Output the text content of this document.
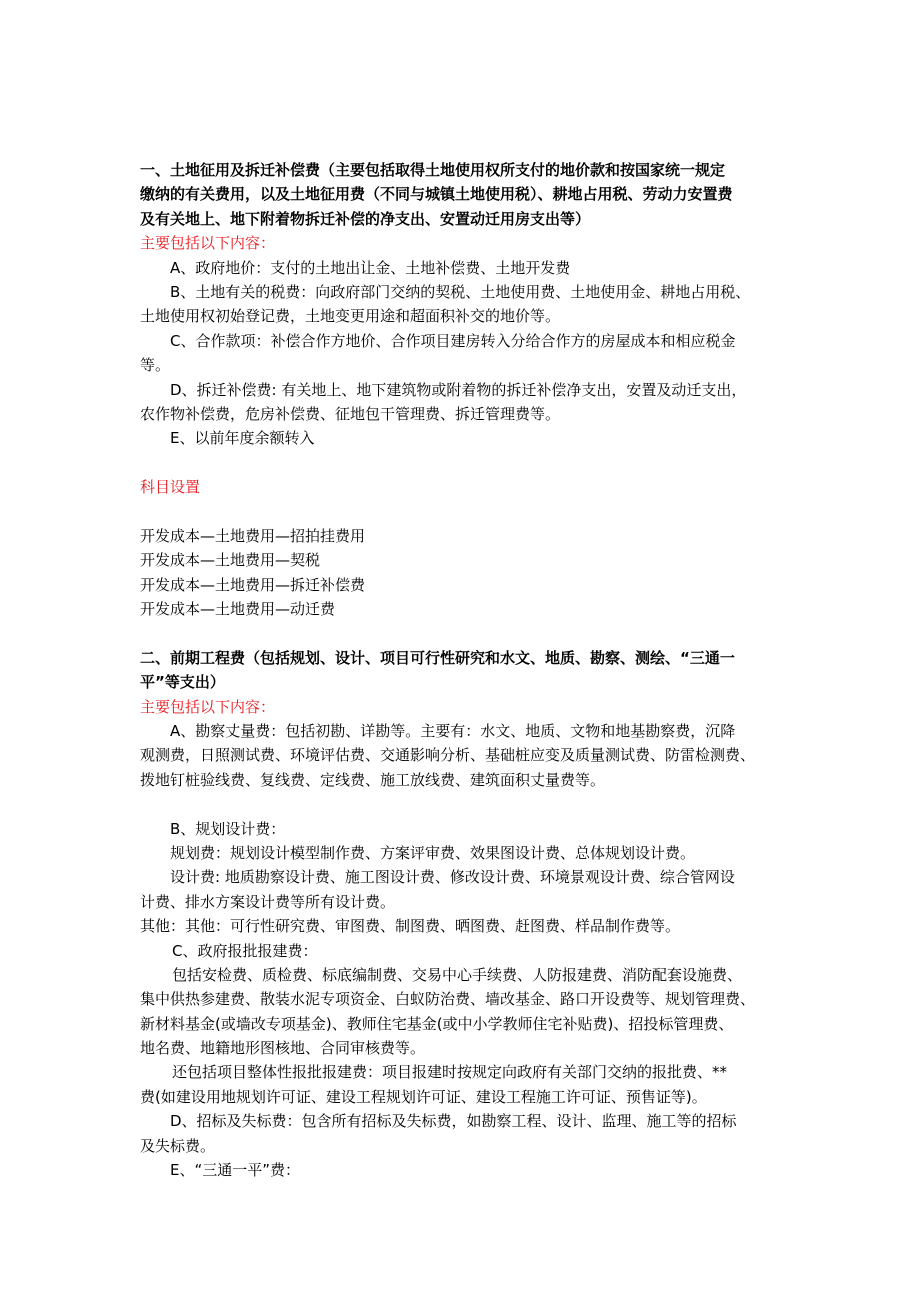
一、土地征用及拆迁补偿费（主要包括取得土地使用权所支付的地价款和按国家统一规定
缴纳的有关费用，以及土地征用费（不同与城镇土地使用税）、耕地占用税、劳动力安置费
及有关地上、地下附着物拆迁补偿的净支出、安置动迁用房支出等）
主要包括以下内容：
A、政府地价：支付的土地出让金、土地补偿费、土地开发费
B、土地有关的税费：向政府部门交纳的契税、土地使用费、土地使用金、耕地占用税、
土地使用权初始登记费，土地变更用途和超面积补交的地价等。
C、合作款项：补偿合作方地价、合作项目建房转入分给合作方的房屋成本和相应税金
等。
D、拆迁补偿费: 有关地上、地下建筑物或附着物的拆迁补偿净支出，安置及动迁支出，
农作物补偿费，危房补偿费、征地包干管理费、拆迁管理费等。
E、以前年度余额转入
科目设置
开发成本—土地费用—招拍挂费用
开发成本—土地费用—契税
开发成本—土地费用—拆迁补偿费
开发成本—土地费用—动迁费
二、前期工程费（包括规划、设计、项目可行性研究和水文、地质、勘察、测绘、“三通一
平”等支出）
主要包括以下内容：
A、勘察丈量费：包括初勘、详勘等。主要有：水文、地质、文物和地基勘察费，沉降
观测费，日照测试费、环境评估费、交通影响分析、基础桩应变及质量测试费、防雷检测费、
拨地钉桩验线费、复线费、定线费、施工放线费、建筑面积丈量费等。
B、规划设计费：
规划费：规划设计模型制作费、方案评审费、效果图设计费、总体规划设计费。
设计费: 地质勘察设计费、施工图设计费、修改设计费、环境景观设计费、综合管网设
计费、排水方案设计费等所有设计费。
其他：其他：可行性研究费、审图费、制图费、晒图费、赶图费、样品制作费等。
C、政府报批报建费：
包括安检费、质检费、标底编制费、交易中心手续费、人防报建费、消防配套设施费、
集中供热参建费、散装水泥专项资金、白蚁防治费、墙改基金、路口开设费等、规划管理费、
新材料基金(或墙改专项基金)、教师住宅基金(或中小学教师住宅补贴费)、招投标管理费、
地名费、地籍地形图核地、合同审核费等。
还包括项目整体性报批报建费：项目报建时按规定向政府有关部门交纳的报批费、**
费(如建设用地规划许可证、建设工程规划许可证、建设工程施工许可证、预售证等)。
D、招标及失标费：包含所有招标及失标费，如勘察工程、设计、监理、施工等的招标
及失标费。
E、“三通一平”费：
